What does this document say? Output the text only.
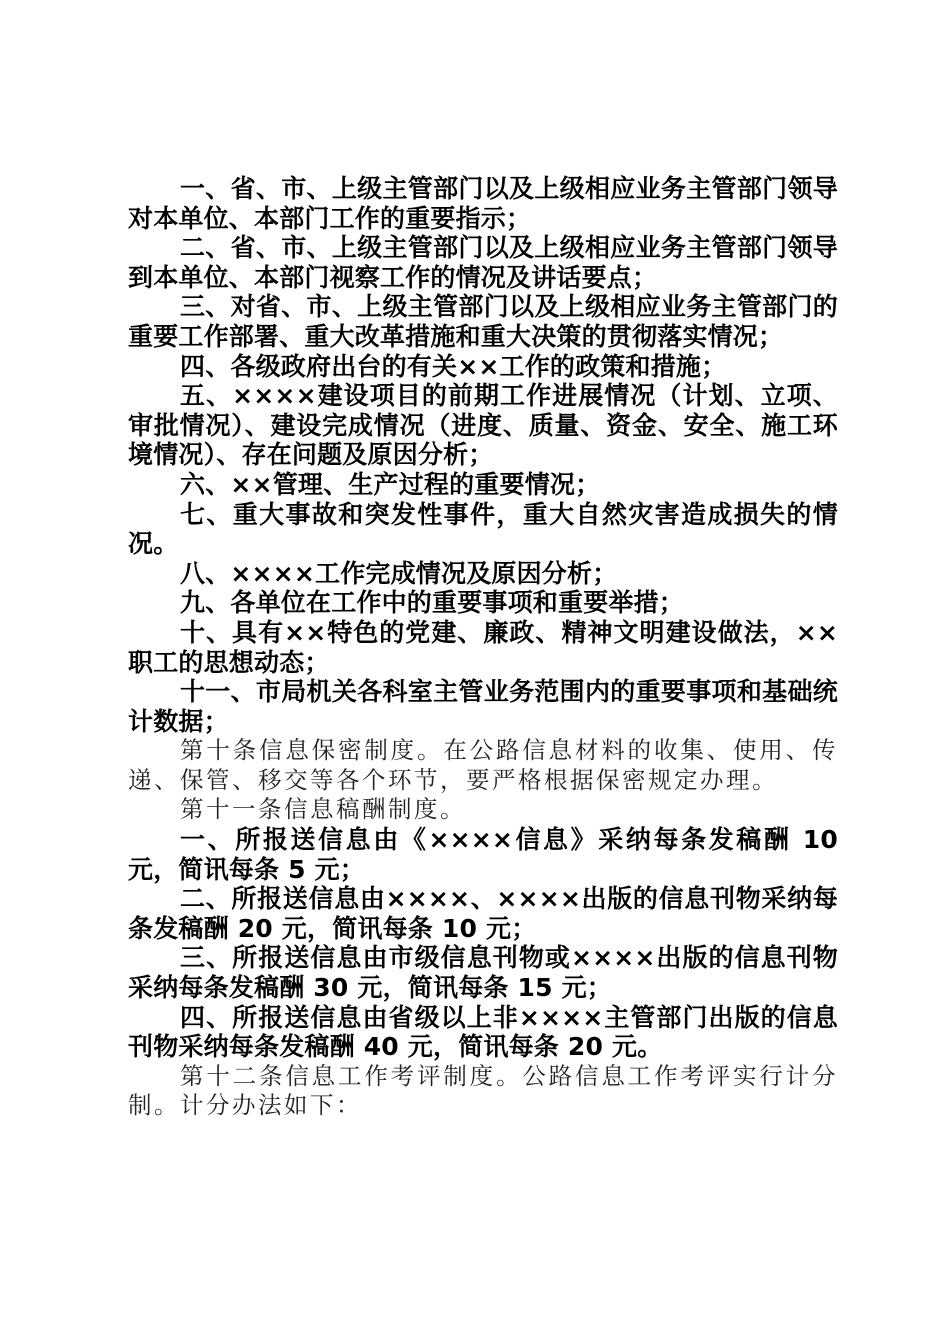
一、省、市、上级主管部门以及上级相应业务主管部门领导对本单位、本部门工作的重要指示；

二、省、市、上级主管部门以及上级相应业务主管部门领导到本单位、本部门视察工作的情况及讲话要点；

三、对省、市、上级主管部门以及上级相应业务主管部门的重要工作部署、重大改革措施和重大决策的贯彻落实情况；

四、各级政府出台的有关××工作的政策和措施；

五、××××建设项目的前期工作进展情况（计划、立项、审批情况）、建设完成情况（进度、质量、资金、安全、施工环境情况）、存在问题及原因分析；

六、××管理、生产过程的重要情况；

七、重大事故和突发性事件，重大自然灾害造成损失的情况。

八、××××工作完成情况及原因分析；

九、各单位在工作中的重要事项和重要举措；

十、具有××特色的党建、廉政、精神文明建设做法，××职工的思想动态；

十一、市局机关各科室主管业务范围内的重要事项和基础统计数据；

第十条信息保密制度。在公路信息材料的收集、使用、传递、保管、移交等各个环节，要严格根据保密规定办理。

第十一条信息稿酬制度。

一、所报送信息由《××××信息》采纳每条发稿酬 10 元，简讯每条 5 元；

二、所报送信息由××××、××××出版的信息刊物采纳每条发稿酬 20 元，简讯每条 10 元；

三、所报送信息由市级信息刊物或××××出版的信息刊物采纳每条发稿酬 30 元，简讯每条 15 元；

四、所报送信息由省级以上非××××主管部门出版的信息刊物采纳每条发稿酬 40 元，简讯每条 20 元。

第十二条信息工作考评制度。公路信息工作考评实行计分制。计分办法如下：
